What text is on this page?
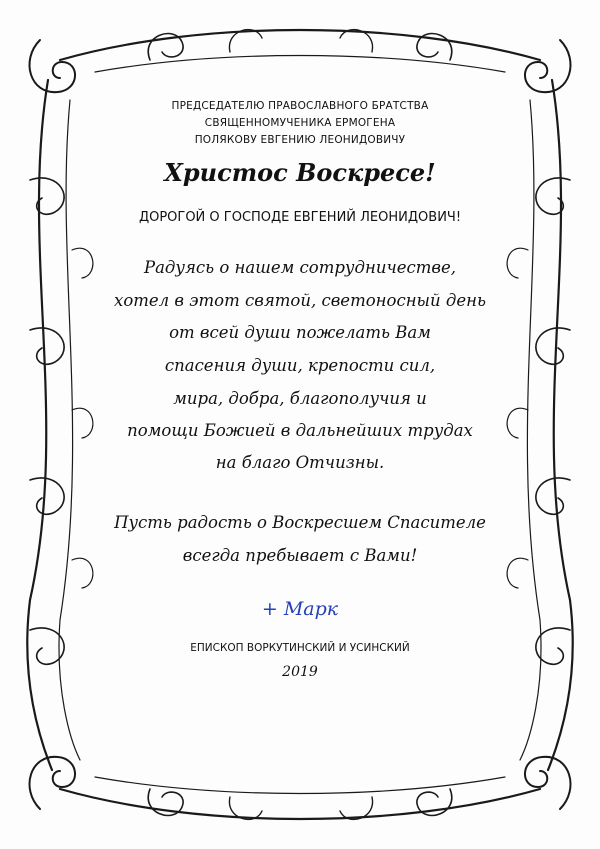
ПРЕДСЕДАТЕЛЮ ПРАВОСЛАВНОГО БРАТСТВА
СВЯЩЕННОМУЧЕНИКА ЕРМОГЕНА
ПОЛЯКОВУ ЕВГЕНИЮ ЛЕОНИДОВИЧУ
Христос Воскресе!
ДОРОГОЙ О ГОСПОДЕ ЕВГЕНИЙ ЛЕОНИДОВИЧ!
Радуясь о нашем сотрудничестве,
хотел в этот святой, светоносный день
от всей души пожелать Вам
спасения души, крепости сил,
мира, добра, благополучия и
помощи Божией в дальнейших трудах
на благо Отчизны.
Пусть радость о Воскресшем Спасителе
всегда пребывает с Вами!
+ Марк
ЕПИСКОП ВОРКУТИНСКИЙ И УСИНСКИЙ
2019
